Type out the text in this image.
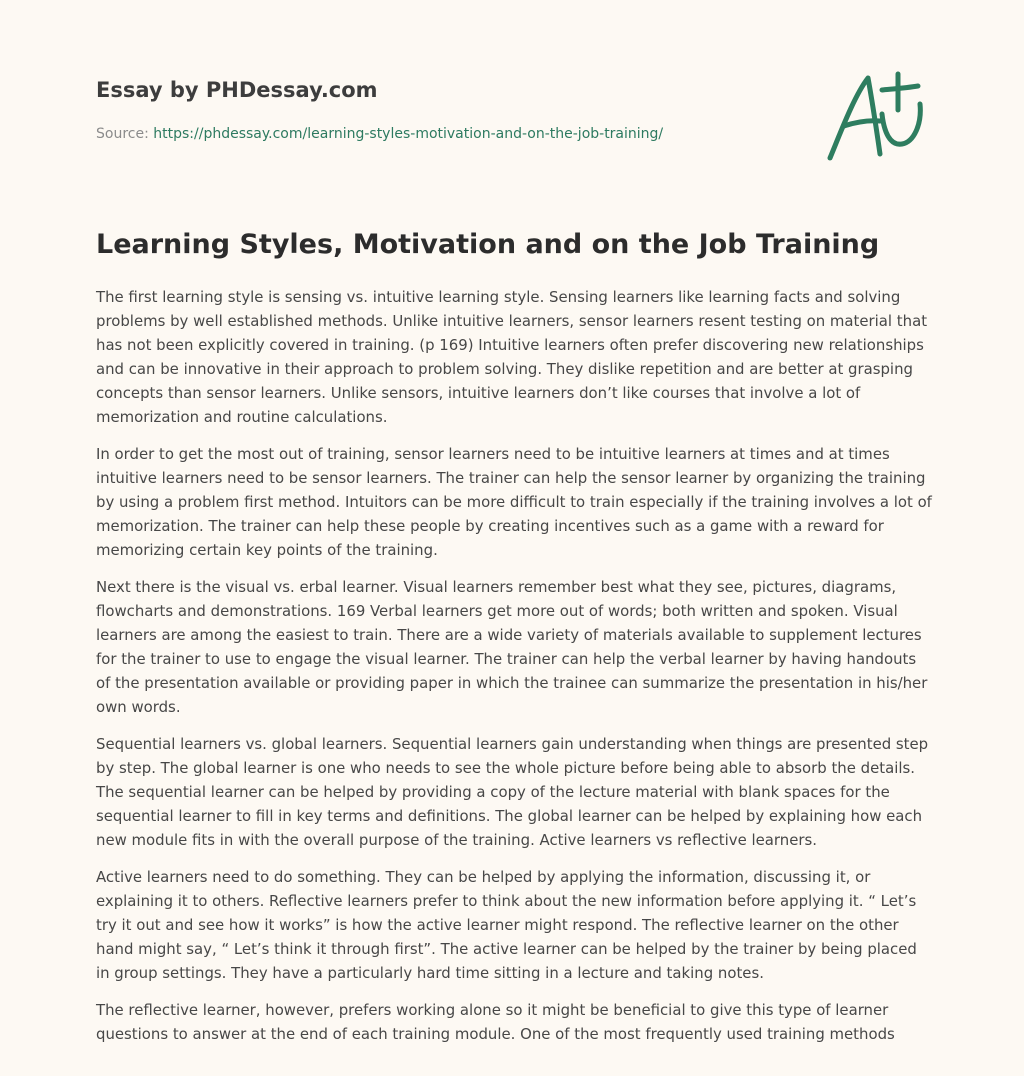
Essay by PHDessay.com
Source: https://phdessay.com/learning-styles-motivation-and-on-the-job-training/
Learning Styles, Motivation and on the Job Training

The first learning style is sensing vs. intuitive learning style. Sensing learners like learning facts and solving problems by well established methods. Unlike intuitive learners, sensor learners resent testing on material that has not been explicitly covered in training. (p 169) Intuitive learners often prefer discovering new relationships and can be innovative in their approach to problem solving. They dislike repetition and are better at grasping concepts than sensor learners. Unlike sensors, intuitive learners don’t like courses that involve a lot of memorization and routine calculations.

In order to get the most out of training, sensor learners need to be intuitive learners at times and at times intuitive learners need to be sensor learners. The trainer can help the sensor learner by organizing the training by using a problem first method. Intuitors can be more difficult to train especially if the training involves a lot of memorization. The trainer can help these people by creating incentives such as a game with a reward for memorizing certain key points of the training.

Next there is the visual vs. erbal learner. Visual learners remember best what they see, pictures, diagrams, flowcharts and demonstrations. 169 Verbal learners get more out of words; both written and spoken. Visual learners are among the easiest to train. There are a wide variety of materials available to supplement lectures for the trainer to use to engage the visual learner. The trainer can help the verbal learner by having handouts of the presentation available or providing paper in which the trainee can summarize the presentation in his/her own words.

Sequential learners vs. global learners. Sequential learners gain understanding when things are presented step by step. The global learner is one who needs to see the whole picture before being able to absorb the details. The sequential learner can be helped by providing a copy of the lecture material with blank spaces for the sequential learner to fill in key terms and definitions. The global learner can be helped by explaining how each new module fits in with the overall purpose of the training. Active learners vs reflective learners.

Active learners need to do something. They can be helped by applying the information, discussing it, or explaining it to others. Reflective learners prefer to think about the new information before applying it. “ Let’s try it out and see how it works” is how the active learner might respond. The reflective learner on the other hand might say, “ Let’s think it through first”. The active learner can be helped by the trainer by being placed in group settings. They have a particularly hard time sitting in a lecture and taking notes.

The reflective learner, however, prefers working alone so it might be beneficial to give this type of learner questions to answer at the end of each training module. One of the most frequently used training methods
